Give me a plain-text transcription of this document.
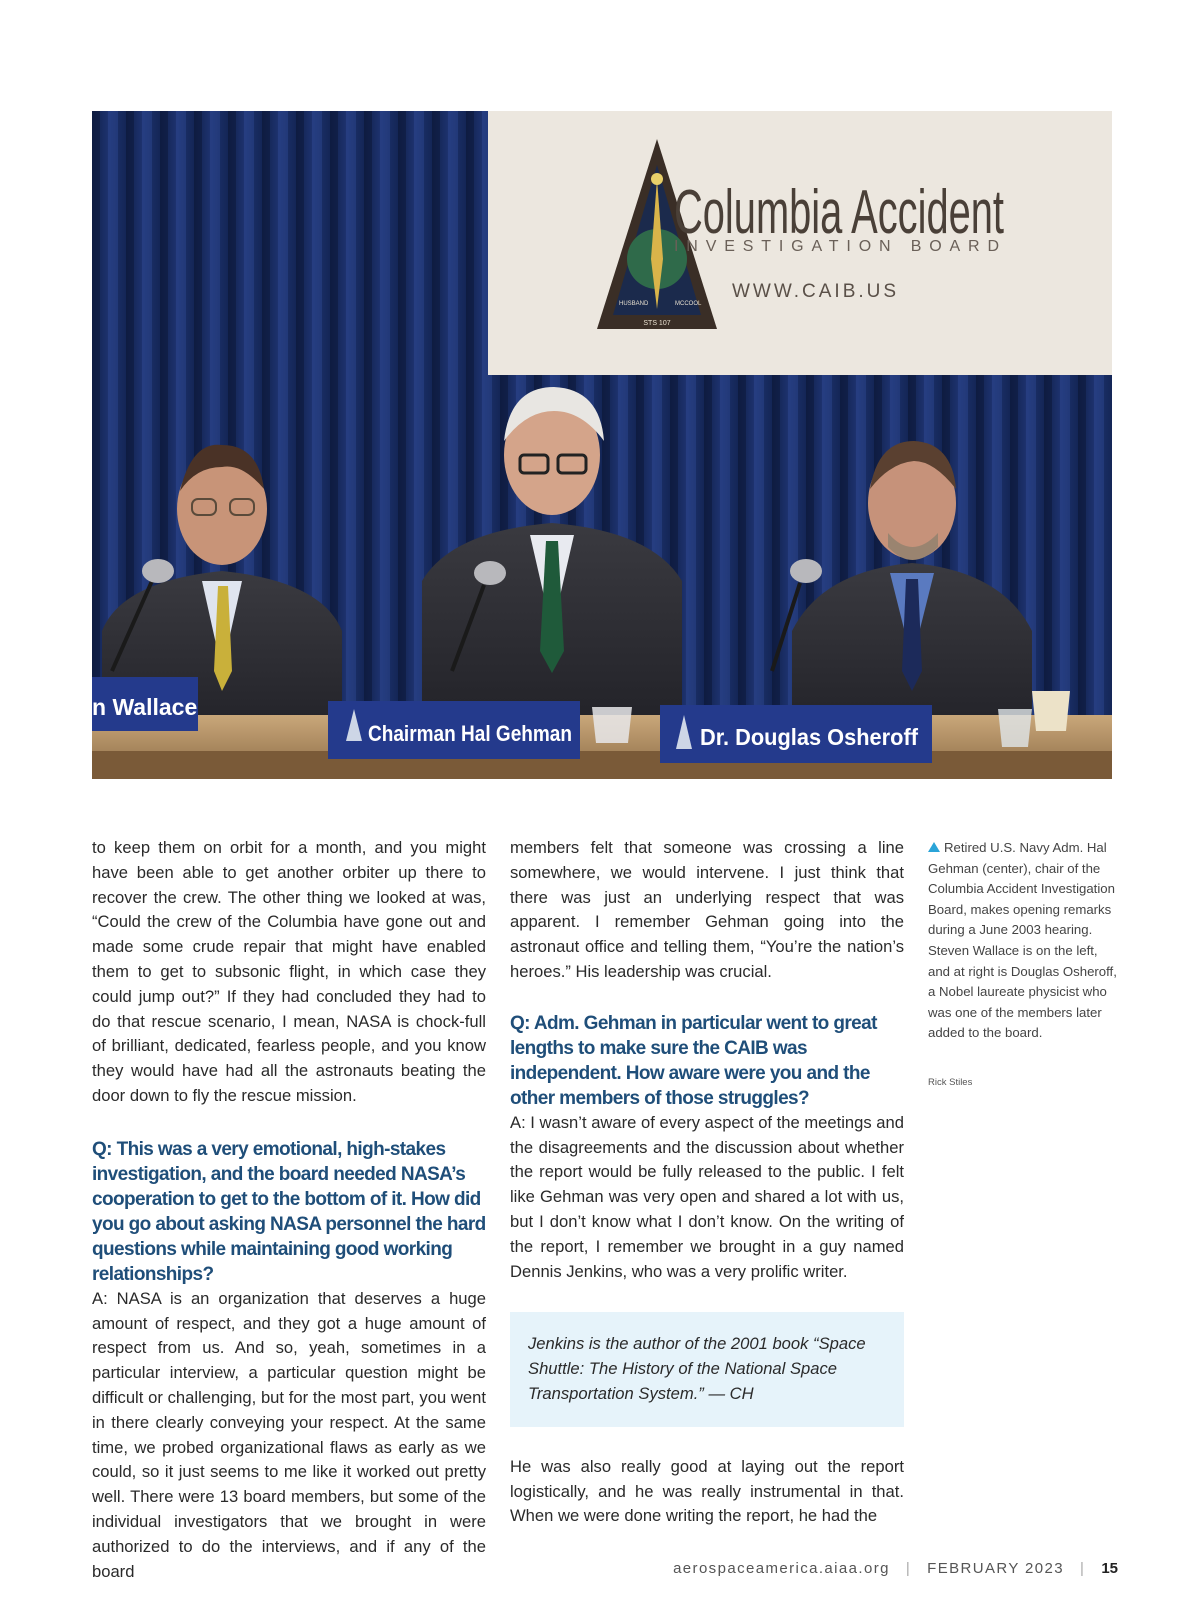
STS 107
HUSBAND	MCCOOL
Columbia Accident
INVESTIGATION BOARD
WWW.CAIB.US
n Wallace
Chairman Hal Gehman	Dr. Douglas Osheroff

to keep them on orbit for a month, and you might have been able to get another orbiter up there to recover the crew. The other thing we looked at was, “Could the crew of the Columbia have gone out and made some crude repair that might have enabled them to get to subsonic flight, in which case they could jump out?” If they had concluded they had to do that rescue scenario, I mean, NASA is chock-full of brilliant, dedicated, fearless people, and you know they would have had all the astronauts beating the door down to fly the rescue mission.

Q: This was a very emotional, high-stakes investigation, and the board needed NASA’s cooperation to get to the bottom of it. How did you go about asking NASA personnel the hard questions while maintaining good working relationships?

A: NASA is an organization that deserves a huge amount of respect, and they got a huge amount of respect from us. And so, yeah, sometimes in a particular interview, a particular question might be difficult or challenging, but for the most part, you went in there clearly conveying your respect. At the same time, we probed organizational flaws as early as we could, so it just seems to me like it worked out pretty well. There were 13 board members, but some of the individual investigators that we brought in were authorized to do the interviews, and if any of the board

members felt that someone was crossing a line somewhere, we would intervene. I just think that there was just an underlying respect that was apparent. I remember Gehman going into the astronaut office and telling them, “You’re the nation’s heroes.” His leadership was crucial.

Q: Adm. Gehman in particular went to great lengths to make sure the CAIB was independent. How aware were you and the other members of those struggles?

A: I wasn’t aware of every aspect of the meetings and the disagreements and the discussion about whether the report would be fully released to the public. I felt like Gehman was very open and shared a lot with us, but I don’t know what I don’t know. On the writing of the report, I remember we brought in a guy named Dennis Jenkins, who was a very prolific writer.

Jenkins is the author of the 2001 book “Space Shuttle: The History of the National Space Transportation System.” — CH

He was also really good at laying out the report logistically, and he was really instrumental in that. When we were done writing the report, he had the

Retired U.S. Navy Adm. Hal Gehman (center), chair of the Columbia Accident Investigation Board, makes opening remarks during a June 2003 hearing. Steven Wallace is on the left, and at right is Douglas Osheroff, a Nobel laureate physicist who was one of the members later added to the board.
Rick Stiles
aerospaceamerica.aiaa.org | FEBRUARY 2023 | 15
